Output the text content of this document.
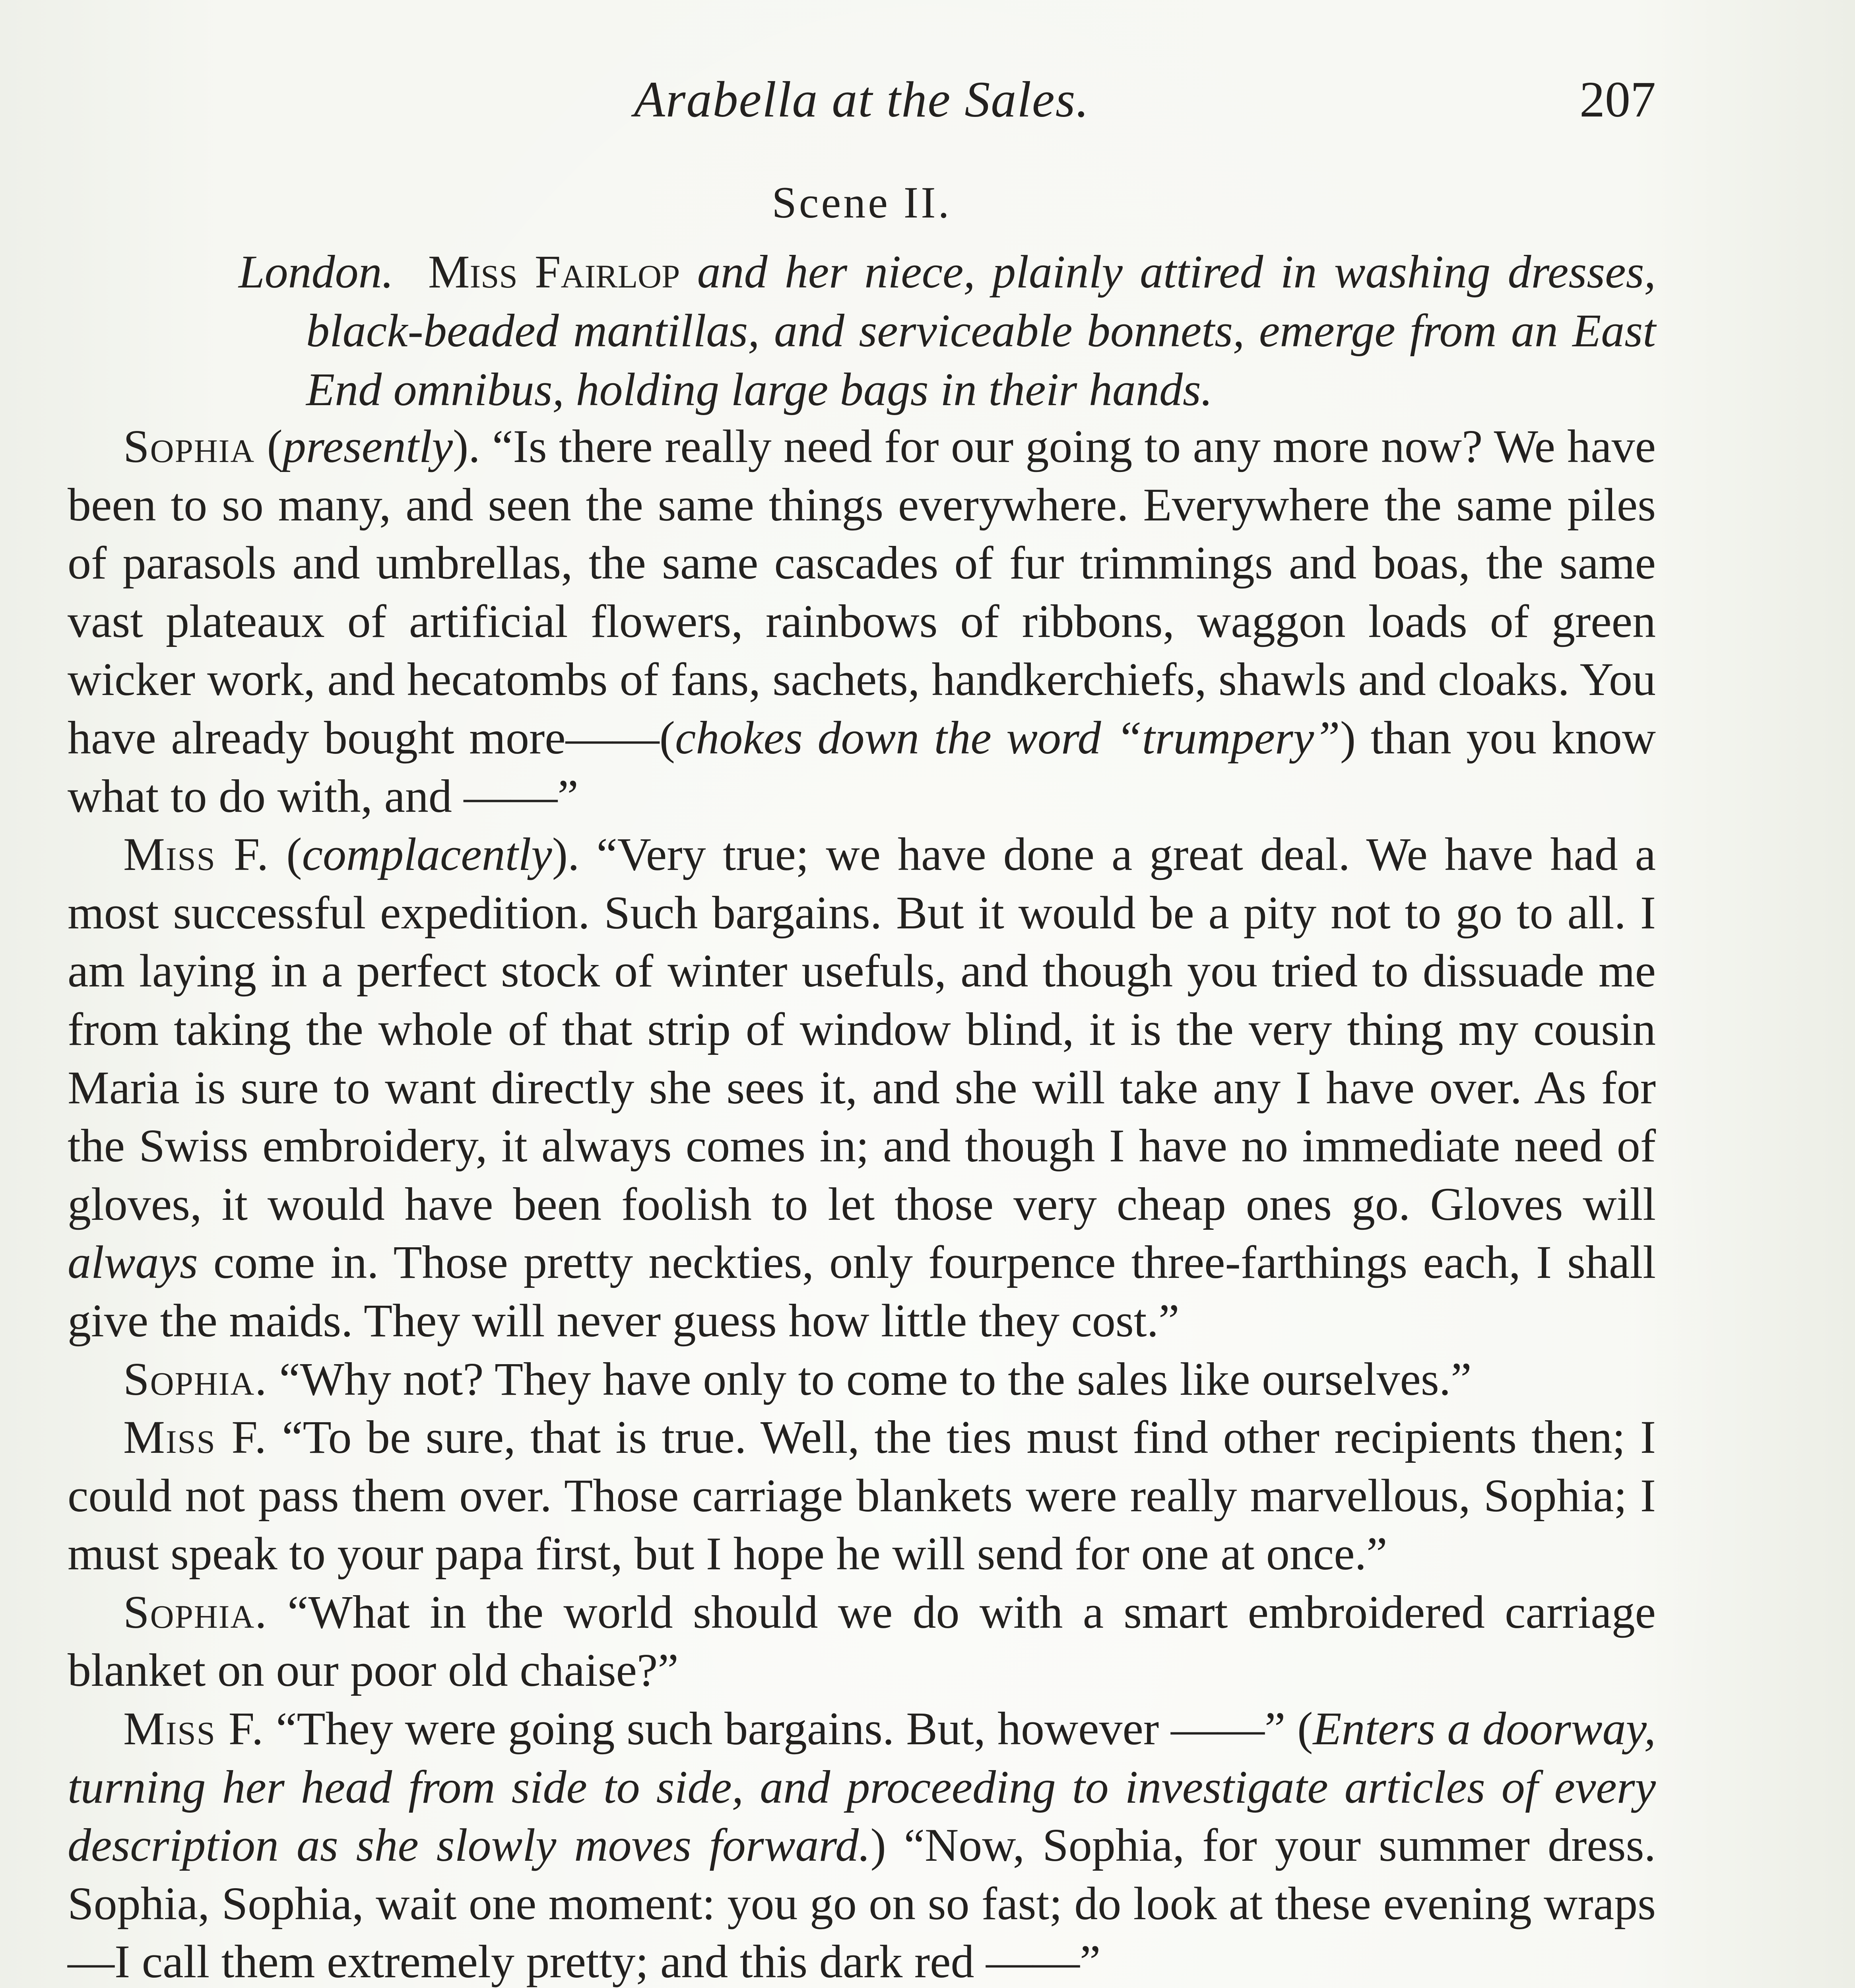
Arabella at the Sales.	207
Scene II.
London. Miss Fairlop and her niece, plainly attired in washing dresses, black-beaded mantillas, and serviceable bonnets, emerge from an East End omnibus, holding large bags in their hands.

Sophia (presently). “Is there really need for our going to any more now? We have been to so many, and seen the same things everywhere. Everywhere the same piles of parasols and umbrellas, the same cascades of fur trimmings and boas, the same vast plateaux of artificial flowers, rainbows of ribbons, waggon loads of green wicker work, and hecatombs of fans, sachets, handkerchiefs, shawls and cloaks. You have already bought more——(chokes down the word “trumpery”) than you know what to do with, and ——”

Miss F. (complacently). “Very true; we have done a great deal. We have had a most successful expedition. Such bargains. But it would be a pity not to go to all. I am laying in a perfect stock of winter usefuls, and though you tried to dissuade me from taking the whole of that strip of window blind, it is the very thing my cousin Maria is sure to want directly she sees it, and she will take any I have over. As for the Swiss embroidery, it always comes in; and though I have no immediate need of gloves, it would have been foolish to let those very cheap ones go. Gloves will always come in. Those pretty neckties, only fourpence three-farthings each, I shall give the maids. They will never guess how little they cost.”

Sophia. “Why not? They have only to come to the sales like ourselves.”

Miss F. “To be sure, that is true. Well, the ties must find other recipients then; I could not pass them over. Those carriage blankets were really marvellous, Sophia; I must speak to your papa first, but I hope he will send for one at once.”

Sophia. “What in the world should we do with a smart embroidered carriage blanket on our poor old chaise?”

Miss F. “They were going such bargains. But, however ——” (Enters a doorway, turning her head from side to side, and proceeding to investigate articles of every description as she slowly moves forward.) “Now, Sophia, for your summer dress. Sophia, Sophia, wait one moment: you go on so fast; do look at these evening wraps—I call them extremely pretty; and this dark red ——”
